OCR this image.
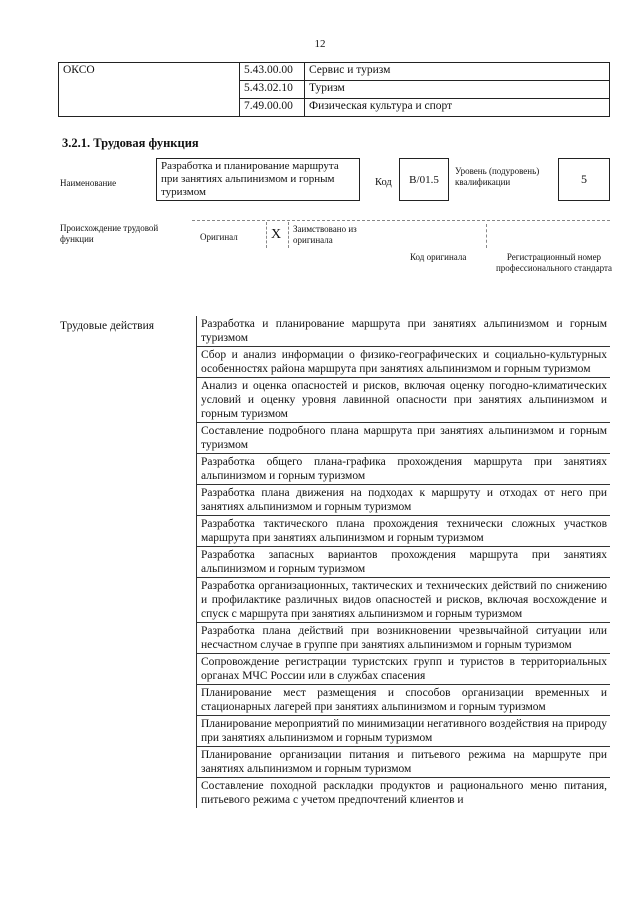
12
ОКСО	5.43.00.00	Сервис и туризм
	5.43.02.10	Туризм
	7.49.00.00	Физическая культура и спорт
3.2.1. Трудовая функция
Наименование
Разработка и планирование маршрута при занятиях альпинизмом и горным туризмом
Код	B/01.5
Уровень (подуровень) квалификации	5
Происхождение трудовой функции	Оригинал X Заимствовано из оригинала
Код оригинала	Регистрационный номер профессионального стандарта
Трудовые действия	Разработка и планирование маршрута при занятиях альпинизмом и горным туризмом
Сбор и анализ информации о физико-географических и социально-культурных особенностях района маршрута при занятиях альпинизмом и горным туризмом
Анализ и оценка опасностей и рисков, включая оценку погодно-климатических условий и оценку уровня лавинной опасности при занятиях альпинизмом и горным туризмом
Составление подробного плана маршрута при занятиях альпинизмом и горным туризмом
Разработка общего плана-графика прохождения маршрута при занятиях альпинизмом и горным туризмом
Разработка плана движения на подходах к маршруту и отходах от него при занятиях альпинизмом и горным туризмом
Разработка тактического плана прохождения технически сложных участков маршрута при занятиях альпинизмом и горным туризмом
Разработка запасных вариантов прохождения маршрута при занятиях альпинизмом и горным туризмом
Разработка организационных, тактических и технических действий по снижению и профилактике различных видов опасностей и рисков, включая восхождение и спуск с маршрута при занятиях альпинизмом и горным туризмом
Разработка плана действий при возникновении чрезвычайной ситуации или несчастном случае в группе при занятиях альпинизмом и горным туризмом
Сопровождение регистрации туристских групп и туристов в территориальных органах МЧС России или в службах спасения
Планирование мест размещения и способов организации временных и стационарных лагерей при занятиях альпинизмом и горным туризмом
Планирование мероприятий по минимизации негативного воздействия на природу при занятиях альпинизмом и горным туризмом
Планирование организации питания и питьевого режима на маршруте при занятиях альпинизмом и горным туризмом
Составление походной раскладки продуктов и рационального меню питания, питьевого режима с учетом предпочтений клиентов и
